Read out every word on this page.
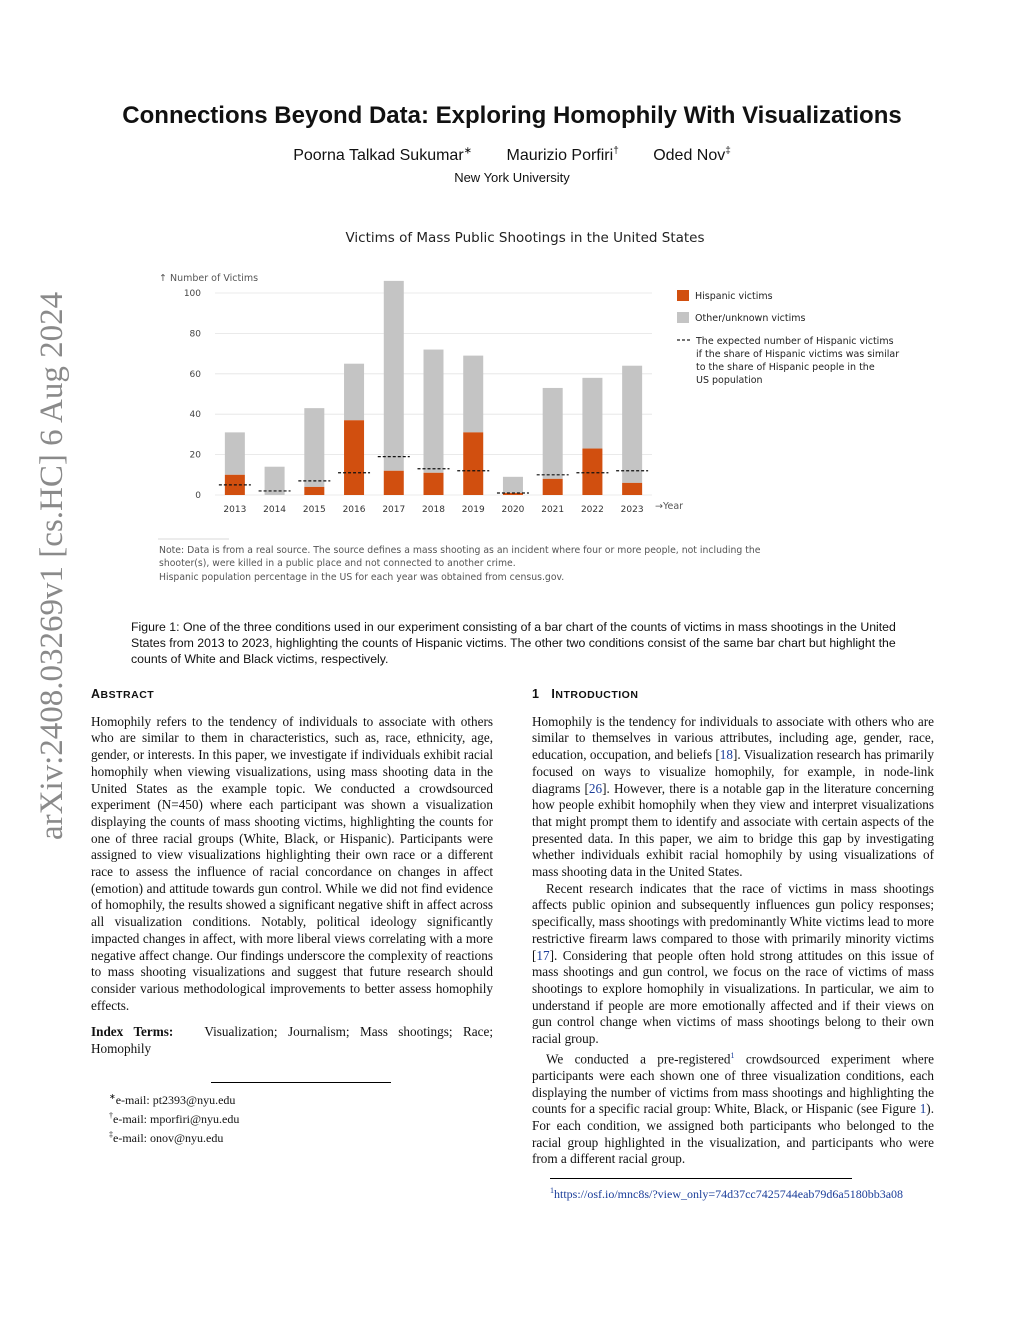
arXiv:2408.03269v1 [cs.HC] 6 Aug 2024
Connections Beyond Data: Exploring Homophily With Visualizations
Poorna Talkad Sukumar∗ Maurizio Porfiri† Oded Nov‡
New York University
Victims of Mass Public Shootings in the United States
↑ Number of Victims
0
20
40
60
80
100
2013 2014 2015 2016 2017 2018 2019 2020 2021 2022 2023 →Year
Hispanic victims
Other/unknown victims
The expected number of Hispanic victims
if the share of Hispanic victims was similar
to the share of Hispanic people in the
US population
Note: Data is from a real source. The source defines a mass shooting as an incident where four or more people, not including the
shooter(s), were killed in a public place and not connected to another crime.
Hispanic population percentage in the US for each year was obtained from census.gov.
Figure 1: One of the three conditions used in our experiment consisting of a bar chart of the counts of victims in mass shootings in the United States from 2013 to 2023, highlighting the counts of Hispanic victims. The other two conditions consist of the same bar chart but highlight the counts of White and Black victims, respectively.
ABSTRACT

Homophily refers to the tendency of individuals to associate with others who are similar to them in characteristics, such as, race, ethnicity, age, gender, or interests. In this paper, we investigate if individuals exhibit racial homophily when viewing visualizations, using mass shooting data in the United States as the example topic. We conducted a crowdsourced experiment (N=450) where each participant was shown a visualization displaying the counts of mass shooting victims, highlighting the counts for one of three racial groups (White, Black, or Hispanic). Participants were assigned to view visualizations highlighting their own race or a different race to assess the influence of racial concordance on changes in affect (emotion) and attitude towards gun control. While we did not find evidence of homophily, the results showed a significant negative shift in affect across all visualization conditions. Notably, political ideology significantly impacted changes in affect, with more liberal views correlating with a more negative affect change. Our findings underscore the complexity of reactions to mass shooting visualizations and suggest that future research should consider various methodological improvements to better assess homophily effects.

Index Terms: Visualization; Journalism; Mass shootings; Race; Homophily

∗e-mail: pt2393@nyu.edu
†e-mail: mporfiri@nyu.edu
‡e-mail: onov@nyu.edu
1 INTRODUCTION

Homophily is the tendency for individuals to associate with others who are similar to themselves in various attributes, including age, gender, race, education, occupation, and beliefs [18]. Visualization research has primarily focused on ways to visualize homophily, for example, in node-link diagrams [26]. However, there is a notable gap in the literature concerning how people exhibit homophily when they view and interpret visualizations that might prompt them to identify and associate with certain aspects of the presented data. In this paper, we aim to bridge this gap by investigating whether individuals exhibit racial homophily by using visualizations of mass shooting data in the United States.

Recent research indicates that the race of victims in mass shootings affects public opinion and subsequently influences gun policy responses; specifically, mass shootings with predominantly White victims lead to more restrictive firearm laws compared to those with primarily minority victims [17]. Considering that people often hold strong attitudes on this issue of mass shootings and gun control, we focus on the race of victims of mass shootings to explore homophily in visualizations. In particular, we aim to understand if people are more emotionally affected and if their views on gun control change when victims of mass shootings belong to their own racial group.

We conducted a pre-registered$^1$ crowdsourced experiment where participants were each shown one of three visualization conditions, each displaying the number of victims from mass shootings and highlighting the counts for a specific racial group: White, Black, or Hispanic (see Figure 1). For each condition, we assigned both participants who belonged to the racial group highlighted in the visualization, and participants who were from a different racial group.

$^1$https://osf.io/mnc8s/?view_only=74d37cc7425744eab79d6a5180bb3a08
